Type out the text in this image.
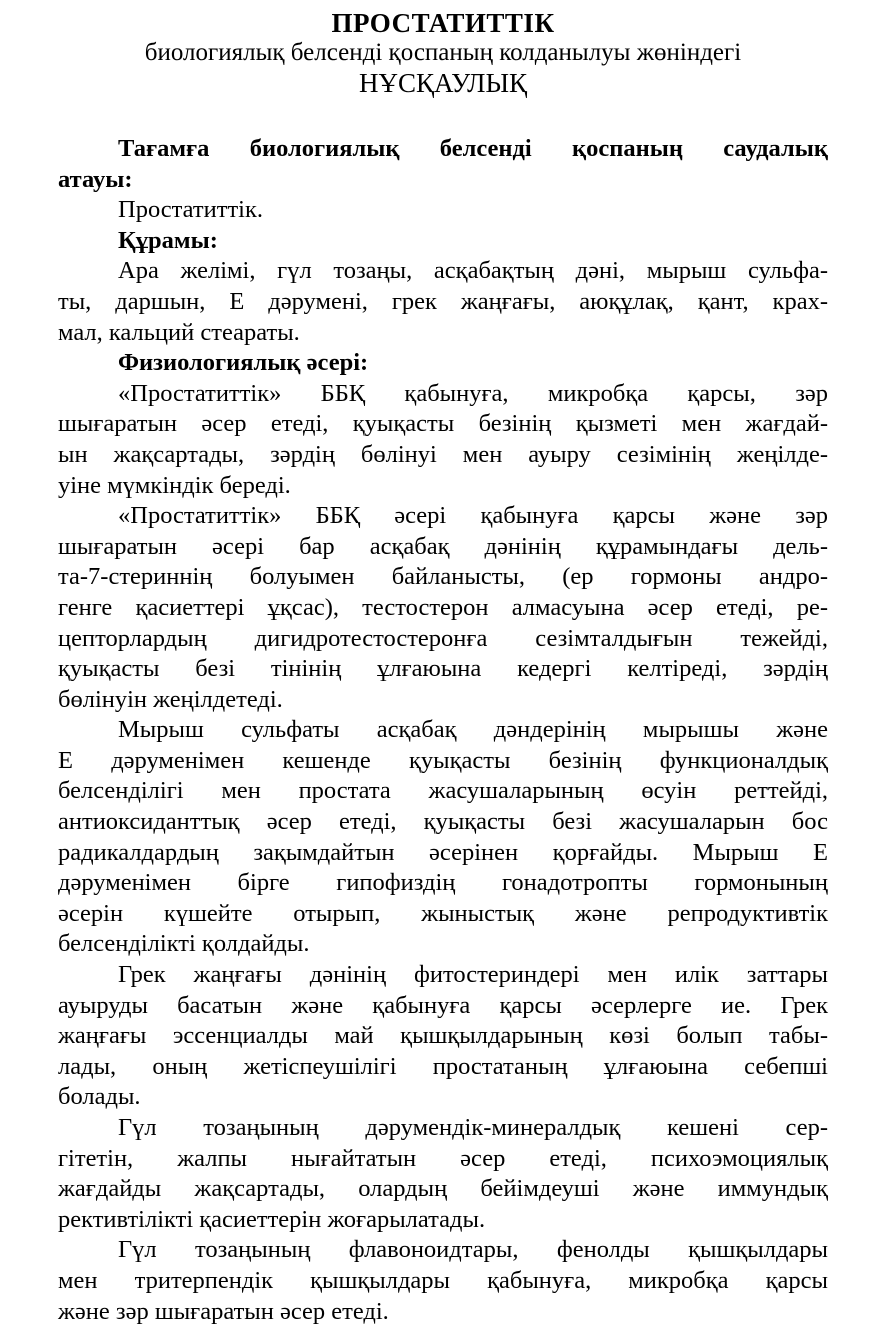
ПРОСТАТИТТІК
биологиялық белсенді қоспаның колданылуы жөніндегі
НҰСҚАУЛЫҚ
Тағамға биологиялық белсенді қоспаның саудалық
атауы:
Простатиттік.
Құрамы:
Ара желімі, гүл тозаңы, асқабақтың дәні, мырыш сульфа-
ты, даршын, Е дәрумені, грек жаңғағы, аюқұлақ, қант, крах-
мал, кальций стеараты.
Физиологиялық әсері:
«Простатиттік» ББҚ қабынуға, микробқа қарсы, зәр
шығаратын әсер етеді, қуықасты безінің қызметі мен жағдай-
ын жақсартады, зәрдің бөлінуі мен ауыру сезімінің жеңілде-
уіне мүмкіндік береді.
«Простатиттік» ББҚ әсері қабынуға қарсы және зәр
шығаратын әсері бар асқабақ дәнінің құрамындағы дель-
та-7-стериннің болуымен байланысты, (ер гормоны андро-
генге қасиеттері ұқсас), тестостерон алмасуына әсер етеді, ре-
цепторлардың дигидротестостеронға сезімталдығын тежейді,
қуықасты безі тінінің ұлғаюына кедергі келтіреді, зәрдің
бөлінуін жеңілдетеді.
Мырыш сульфаты асқабақ дәндерінің мырышы және
Е дәруменімен кешенде қуықасты безінің функционалдық
белсенділігі мен простата жасушаларының өсуін реттейді,
антиоксиданттық әсер етеді, қуықасты безі жасушаларын бос
радикалдардың зақымдайтын әсерінен қорғайды. Мырыш Е
дәруменімен бірге гипофиздің гонадотропты гормонының
әсерін күшейте отырып, жыныстық және репродуктивтік
белсенділікті қолдайды.
Грек жаңғағы дәнінің фитостериндері мен илік заттары
ауыруды басатын және қабынуға қарсы әсерлерге ие. Грек
жаңғағы эссенциалды май қышқылдарының көзі болып табы-
лады, оның жетіспеушілігі простатаның ұлғаюына себепші
болады.
Гүл тозаңының дәрумендік-минералдық кешені сер-
гітетін, жалпы нығайтатын әсер етеді, психоэмоциялық
жағдайды жақсартады, олардың бейімдеуші және иммундық
рективтілікті қасиеттерін жоғарылатады.
Гүл тозаңының флавоноидтары, фенолды қышқылдары
мен тритерпендік қышқылдары қабынуға, микробқа қарсы
және зәр шығаратын әсер етеді.
